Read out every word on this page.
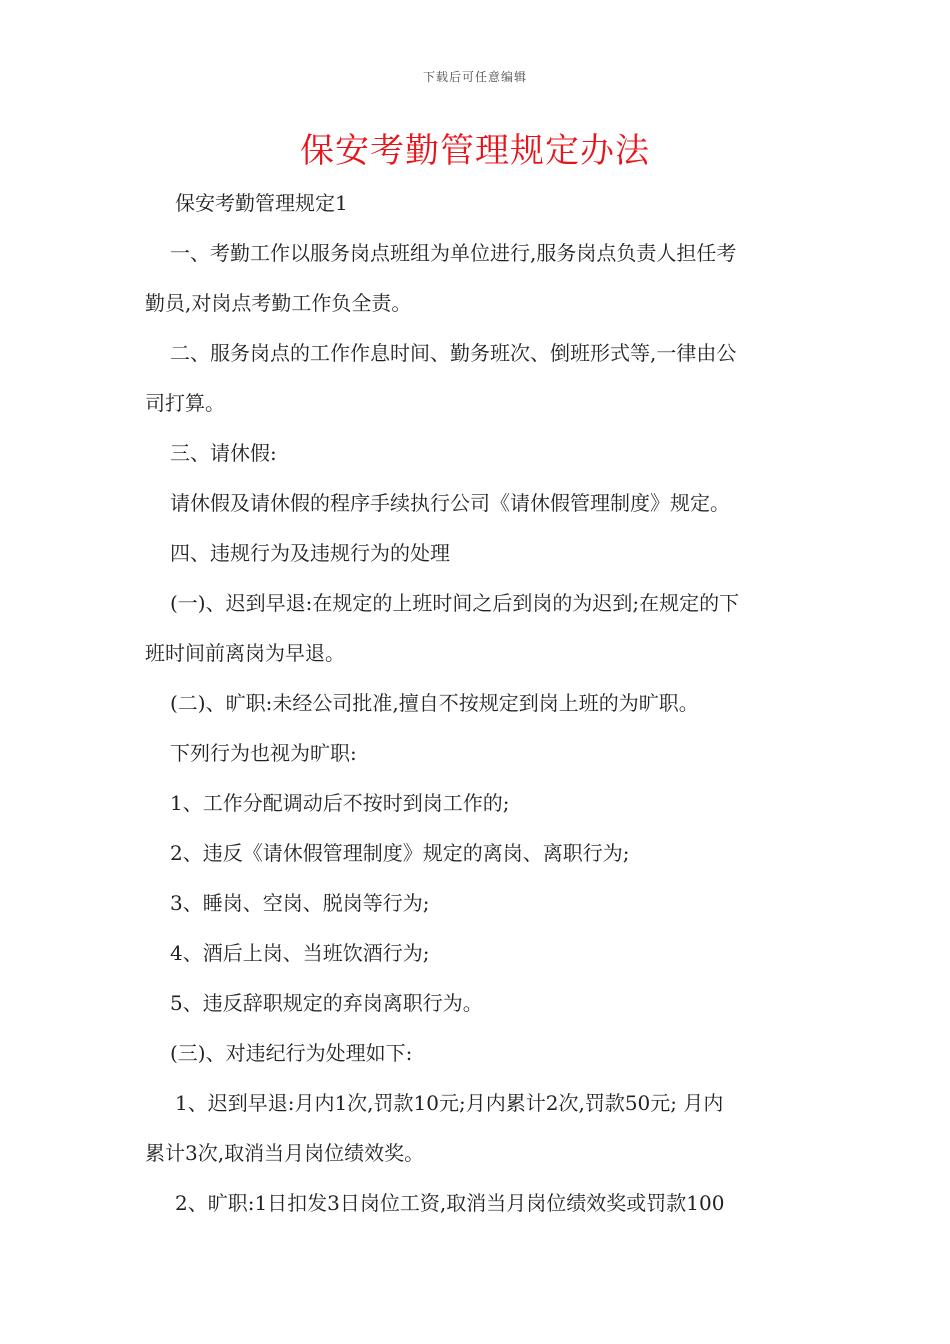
下载后可任意编辑
保安考勤管理规定办法

保安考勤管理规定1

一、考勤工作以服务岗点班组为单位进行,服务岗点负责人担任考

勤员,对岗点考勤工作负全责。

二、服务岗点的工作作息时间、勤务班次、倒班形式等,一律由公

司打算。

三、请休假:

请休假及请休假的程序手续执行公司《请休假管理制度》规定。

四、违规行为及违规行为的处理

(一)、迟到早退:在规定的上班时间之后到岗的为迟到;在规定的下

班时间前离岗为早退。

(二)、旷职:未经公司批准,擅自不按规定到岗上班的为旷职。

下列行为也视为旷职:

1、工作分配调动后不按时到岗工作的;

2、违反《请休假管理制度》规定的离岗、离职行为;

3、睡岗、空岗、脱岗等行为;

4、酒后上岗、当班饮酒行为;

5、违反辞职规定的弃岗离职行为。

(三)、对违纪行为处理如下:

1、迟到早退:月内1次,罚款10元;月内累计2次,罚款50元; 月内

累计3次,取消当月岗位绩效奖。

2、旷职:1日扣发3日岗位工资,取消当月岗位绩效奖或罚款100
